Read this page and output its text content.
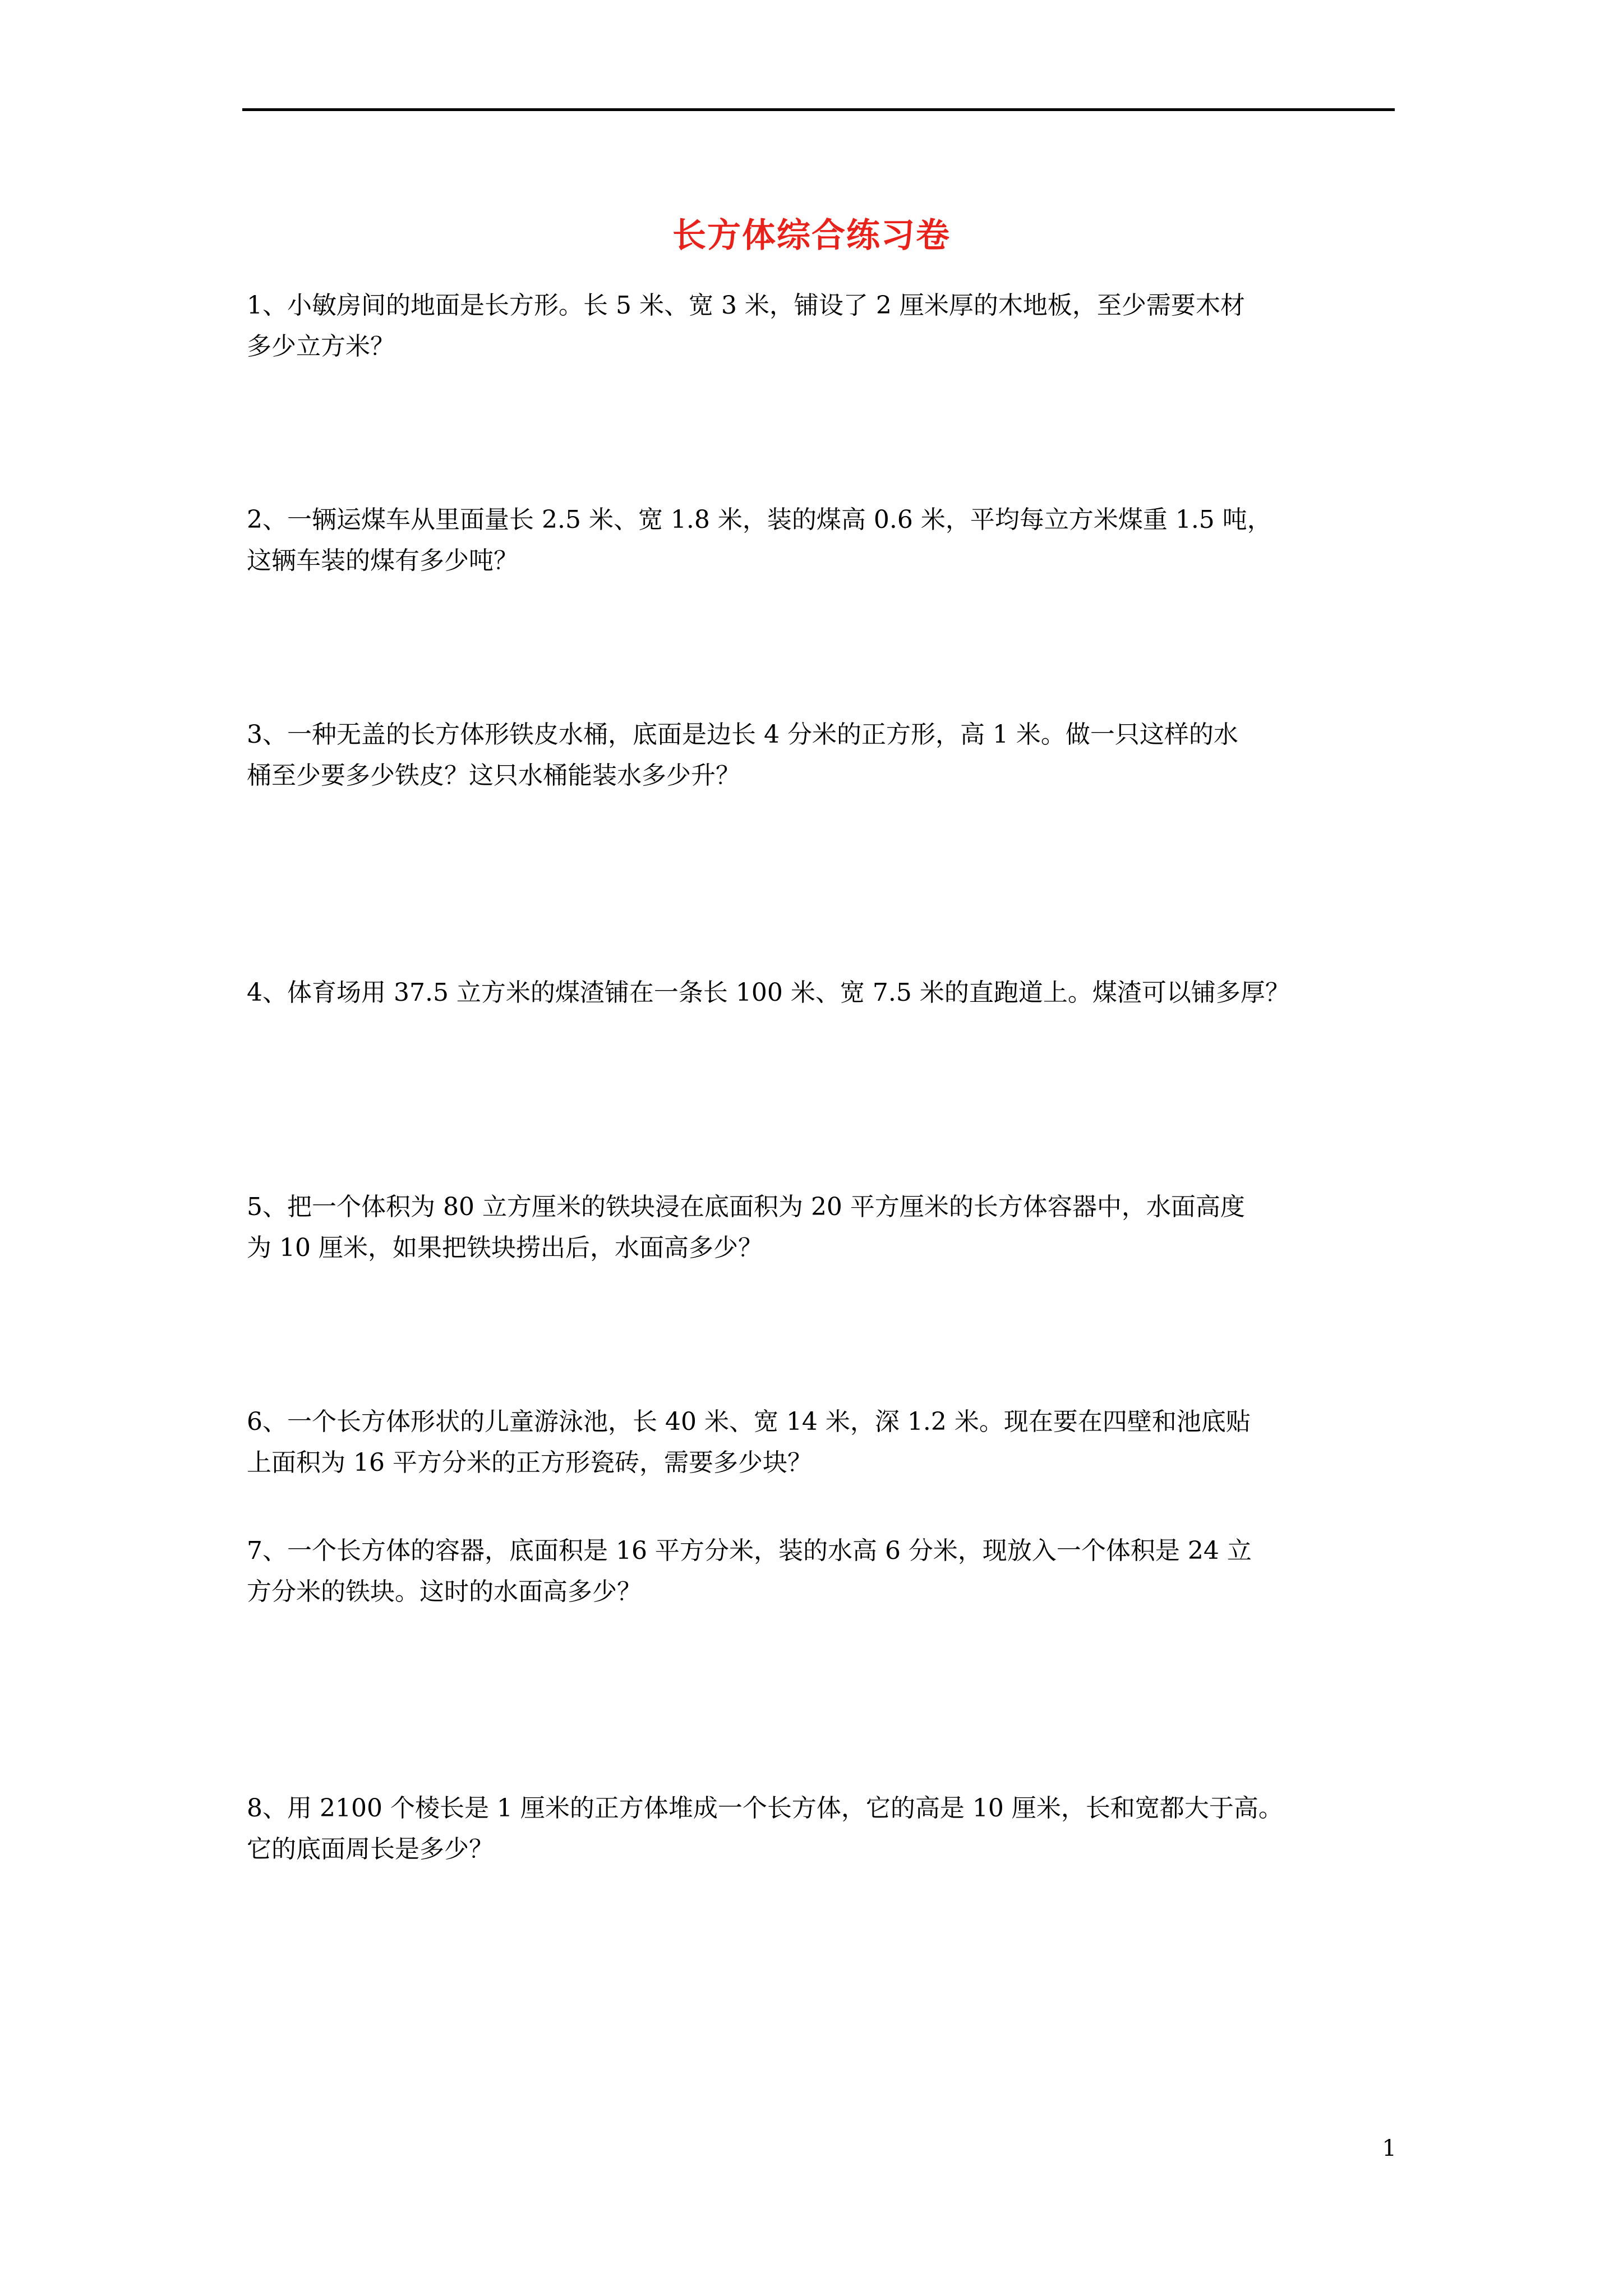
长方体综合练习卷
1、小敏房间的地面是长方形。长 5 米、宽 3 米，铺设了 2 厘米厚的木地板，至少需要木材
多少立方米？
2、一辆运煤车从里面量长 2.5 米、宽 1.8 米，装的煤高 0.6 米，平均每立方米煤重 1.5 吨，
这辆车装的煤有多少吨？
3、一种无盖的长方体形铁皮水桶，底面是边长 4 分米的正方形，高 1 米。做一只这样的水
桶至少要多少铁皮？这只水桶能装水多少升？
4、体育场用 37.5 立方米的煤渣铺在一条长 100 米、宽 7.5 米的直跑道上。煤渣可以铺多厚？
5、把一个体积为 80 立方厘米的铁块浸在底面积为 20 平方厘米的长方体容器中，水面高度
为 10 厘米，如果把铁块捞出后，水面高多少？
6、一个长方体形状的儿童游泳池，长 40 米、宽 14 米，深 1.2 米。现在要在四壁和池底贴
上面积为 16 平方分米的正方形瓷砖，需要多少块？
7、一个长方体的容器，底面积是 16 平方分米，装的水高 6 分米，现放入一个体积是 24 立
方分米的铁块。这时的水面高多少？
8、用 2100 个棱长是 1 厘米的正方体堆成一个长方体，它的高是 10 厘米，长和宽都大于高。
它的底面周长是多少？
1
